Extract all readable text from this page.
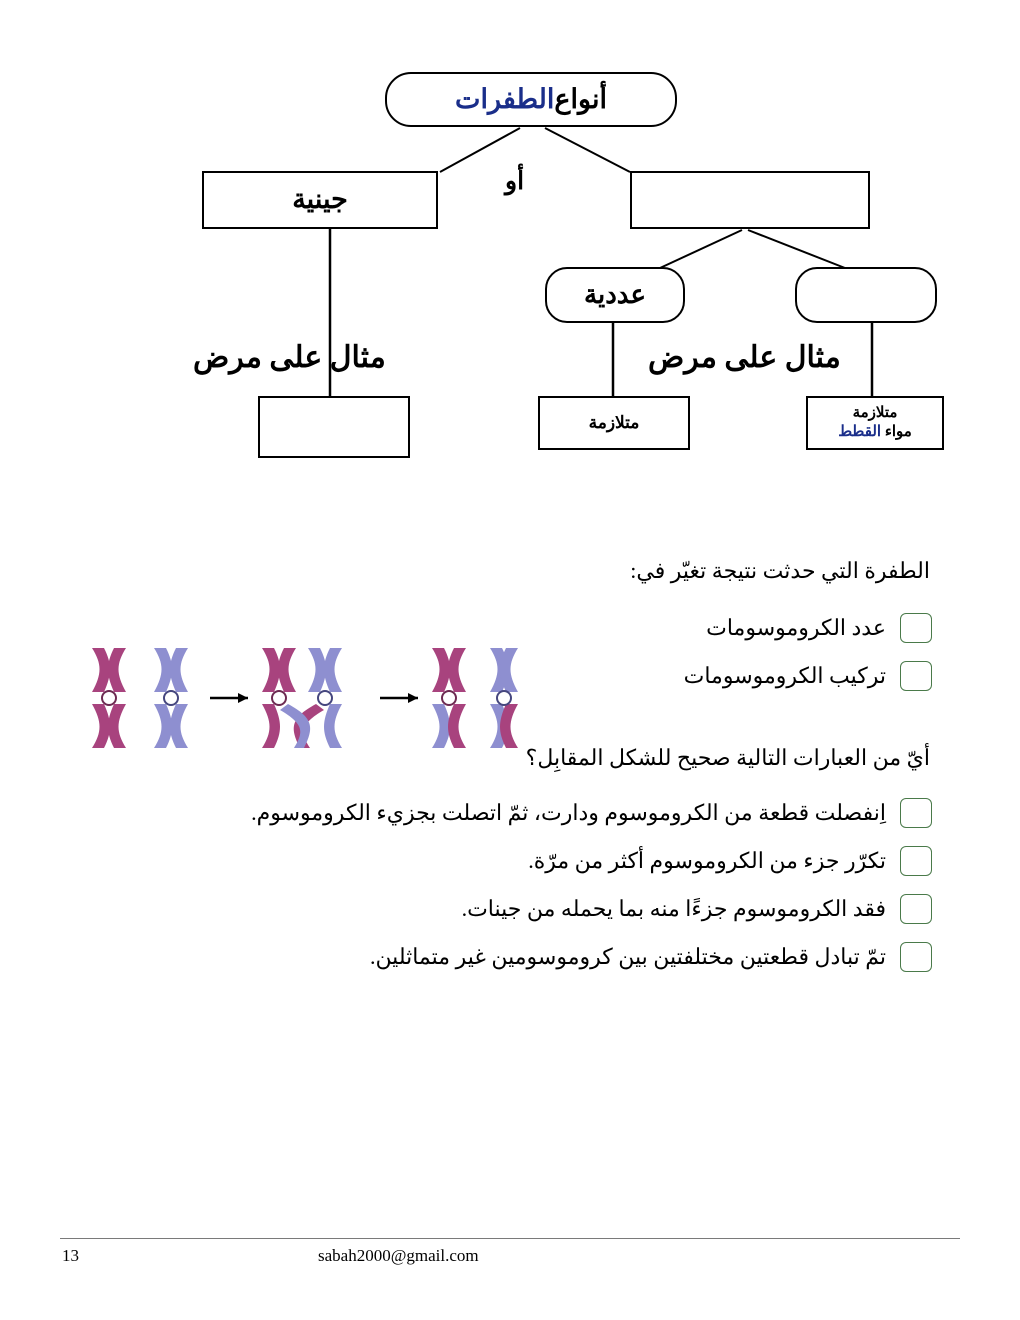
أنواع
الطفرات
أو
جينية
عددية
مثال على مرض	مثال على مرض
متلازمة	متلازمة
مواء القطط
الطفرة التي حدثت نتيجة تغيّر في:
عدد الكروموسومات
تركيب الكروموسومات
أيّ من العبارات التالية صحيح للشكل المقابِل؟
اِنفصلت قطعة من الكروموسوم ودارت، ثمّ اتصلت بجزيء الكروموسوم.
تكرّر جزء من الكروموسوم أكثر من مرّة.
فقد الكروموسوم جزءًا منه بما يحمله من جينات.
تمّ تبادل قطعتين مختلفتين بين كروموسومين غير متماثلين.
13	sabah2000@gmail.com
